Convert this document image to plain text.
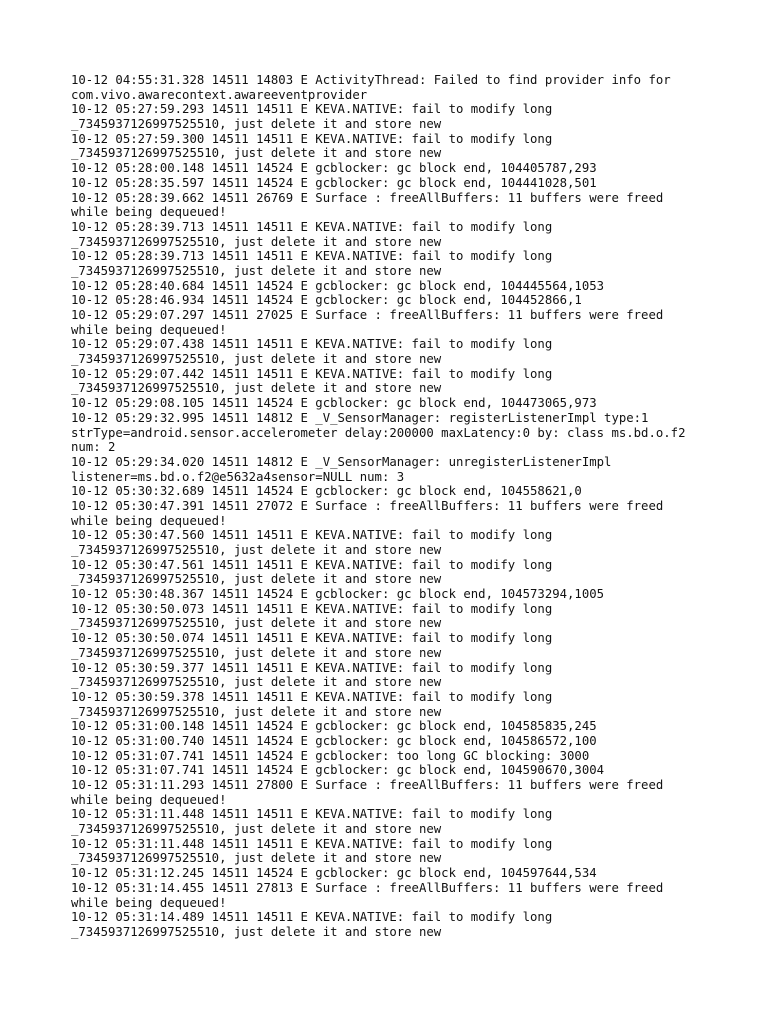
10-12 04:55:31.328 14511 14803 E ActivityThread: Failed to find provider info for
com.vivo.awarecontext.awareeventprovider
10-12 05:27:59.293 14511 14511 E KEVA.NATIVE: fail to modify long
_7345937126997525510, just delete it and store new
10-12 05:27:59.300 14511 14511 E KEVA.NATIVE: fail to modify long
_7345937126997525510, just delete it and store new
10-12 05:28:00.148 14511 14524 E gcblocker: gc block end, 104405787,293
10-12 05:28:35.597 14511 14524 E gcblocker: gc block end, 104441028,501
10-12 05:28:39.662 14511 26769 E Surface : freeAllBuffers: 11 buffers were freed
while being dequeued!
10-12 05:28:39.713 14511 14511 E KEVA.NATIVE: fail to modify long
_7345937126997525510, just delete it and store new
10-12 05:28:39.713 14511 14511 E KEVA.NATIVE: fail to modify long
_7345937126997525510, just delete it and store new
10-12 05:28:40.684 14511 14524 E gcblocker: gc block end, 104445564,1053
10-12 05:28:46.934 14511 14524 E gcblocker: gc block end, 104452866,1
10-12 05:29:07.297 14511 27025 E Surface : freeAllBuffers: 11 buffers were freed
while being dequeued!
10-12 05:29:07.438 14511 14511 E KEVA.NATIVE: fail to modify long
_7345937126997525510, just delete it and store new
10-12 05:29:07.442 14511 14511 E KEVA.NATIVE: fail to modify long
_7345937126997525510, just delete it and store new
10-12 05:29:08.105 14511 14524 E gcblocker: gc block end, 104473065,973
10-12 05:29:32.995 14511 14812 E _V_SensorManager: registerListenerImpl type:1
strType=android.sensor.accelerometer delay:200000 maxLatency:0 by: class ms.bd.o.f2
num: 2
10-12 05:29:34.020 14511 14812 E _V_SensorManager: unregisterListenerImpl
listener=ms.bd.o.f2@e5632a4sensor=NULL num: 3
10-12 05:30:32.689 14511 14524 E gcblocker: gc block end, 104558621,0
10-12 05:30:47.391 14511 27072 E Surface : freeAllBuffers: 11 buffers were freed
while being dequeued!
10-12 05:30:47.560 14511 14511 E KEVA.NATIVE: fail to modify long
_7345937126997525510, just delete it and store new
10-12 05:30:47.561 14511 14511 E KEVA.NATIVE: fail to modify long
_7345937126997525510, just delete it and store new
10-12 05:30:48.367 14511 14524 E gcblocker: gc block end, 104573294,1005
10-12 05:30:50.073 14511 14511 E KEVA.NATIVE: fail to modify long
_7345937126997525510, just delete it and store new
10-12 05:30:50.074 14511 14511 E KEVA.NATIVE: fail to modify long
_7345937126997525510, just delete it and store new
10-12 05:30:59.377 14511 14511 E KEVA.NATIVE: fail to modify long
_7345937126997525510, just delete it and store new
10-12 05:30:59.378 14511 14511 E KEVA.NATIVE: fail to modify long
_7345937126997525510, just delete it and store new
10-12 05:31:00.148 14511 14524 E gcblocker: gc block end, 104585835,245
10-12 05:31:00.740 14511 14524 E gcblocker: gc block end, 104586572,100
10-12 05:31:07.741 14511 14524 E gcblocker: too long GC blocking: 3000
10-12 05:31:07.741 14511 14524 E gcblocker: gc block end, 104590670,3004
10-12 05:31:11.293 14511 27800 E Surface : freeAllBuffers: 11 buffers were freed
while being dequeued!
10-12 05:31:11.448 14511 14511 E KEVA.NATIVE: fail to modify long
_7345937126997525510, just delete it and store new
10-12 05:31:11.448 14511 14511 E KEVA.NATIVE: fail to modify long
_7345937126997525510, just delete it and store new
10-12 05:31:12.245 14511 14524 E gcblocker: gc block end, 104597644,534
10-12 05:31:14.455 14511 27813 E Surface : freeAllBuffers: 11 buffers were freed
while being dequeued!
10-12 05:31:14.489 14511 14511 E KEVA.NATIVE: fail to modify long
_7345937126997525510, just delete it and store new
